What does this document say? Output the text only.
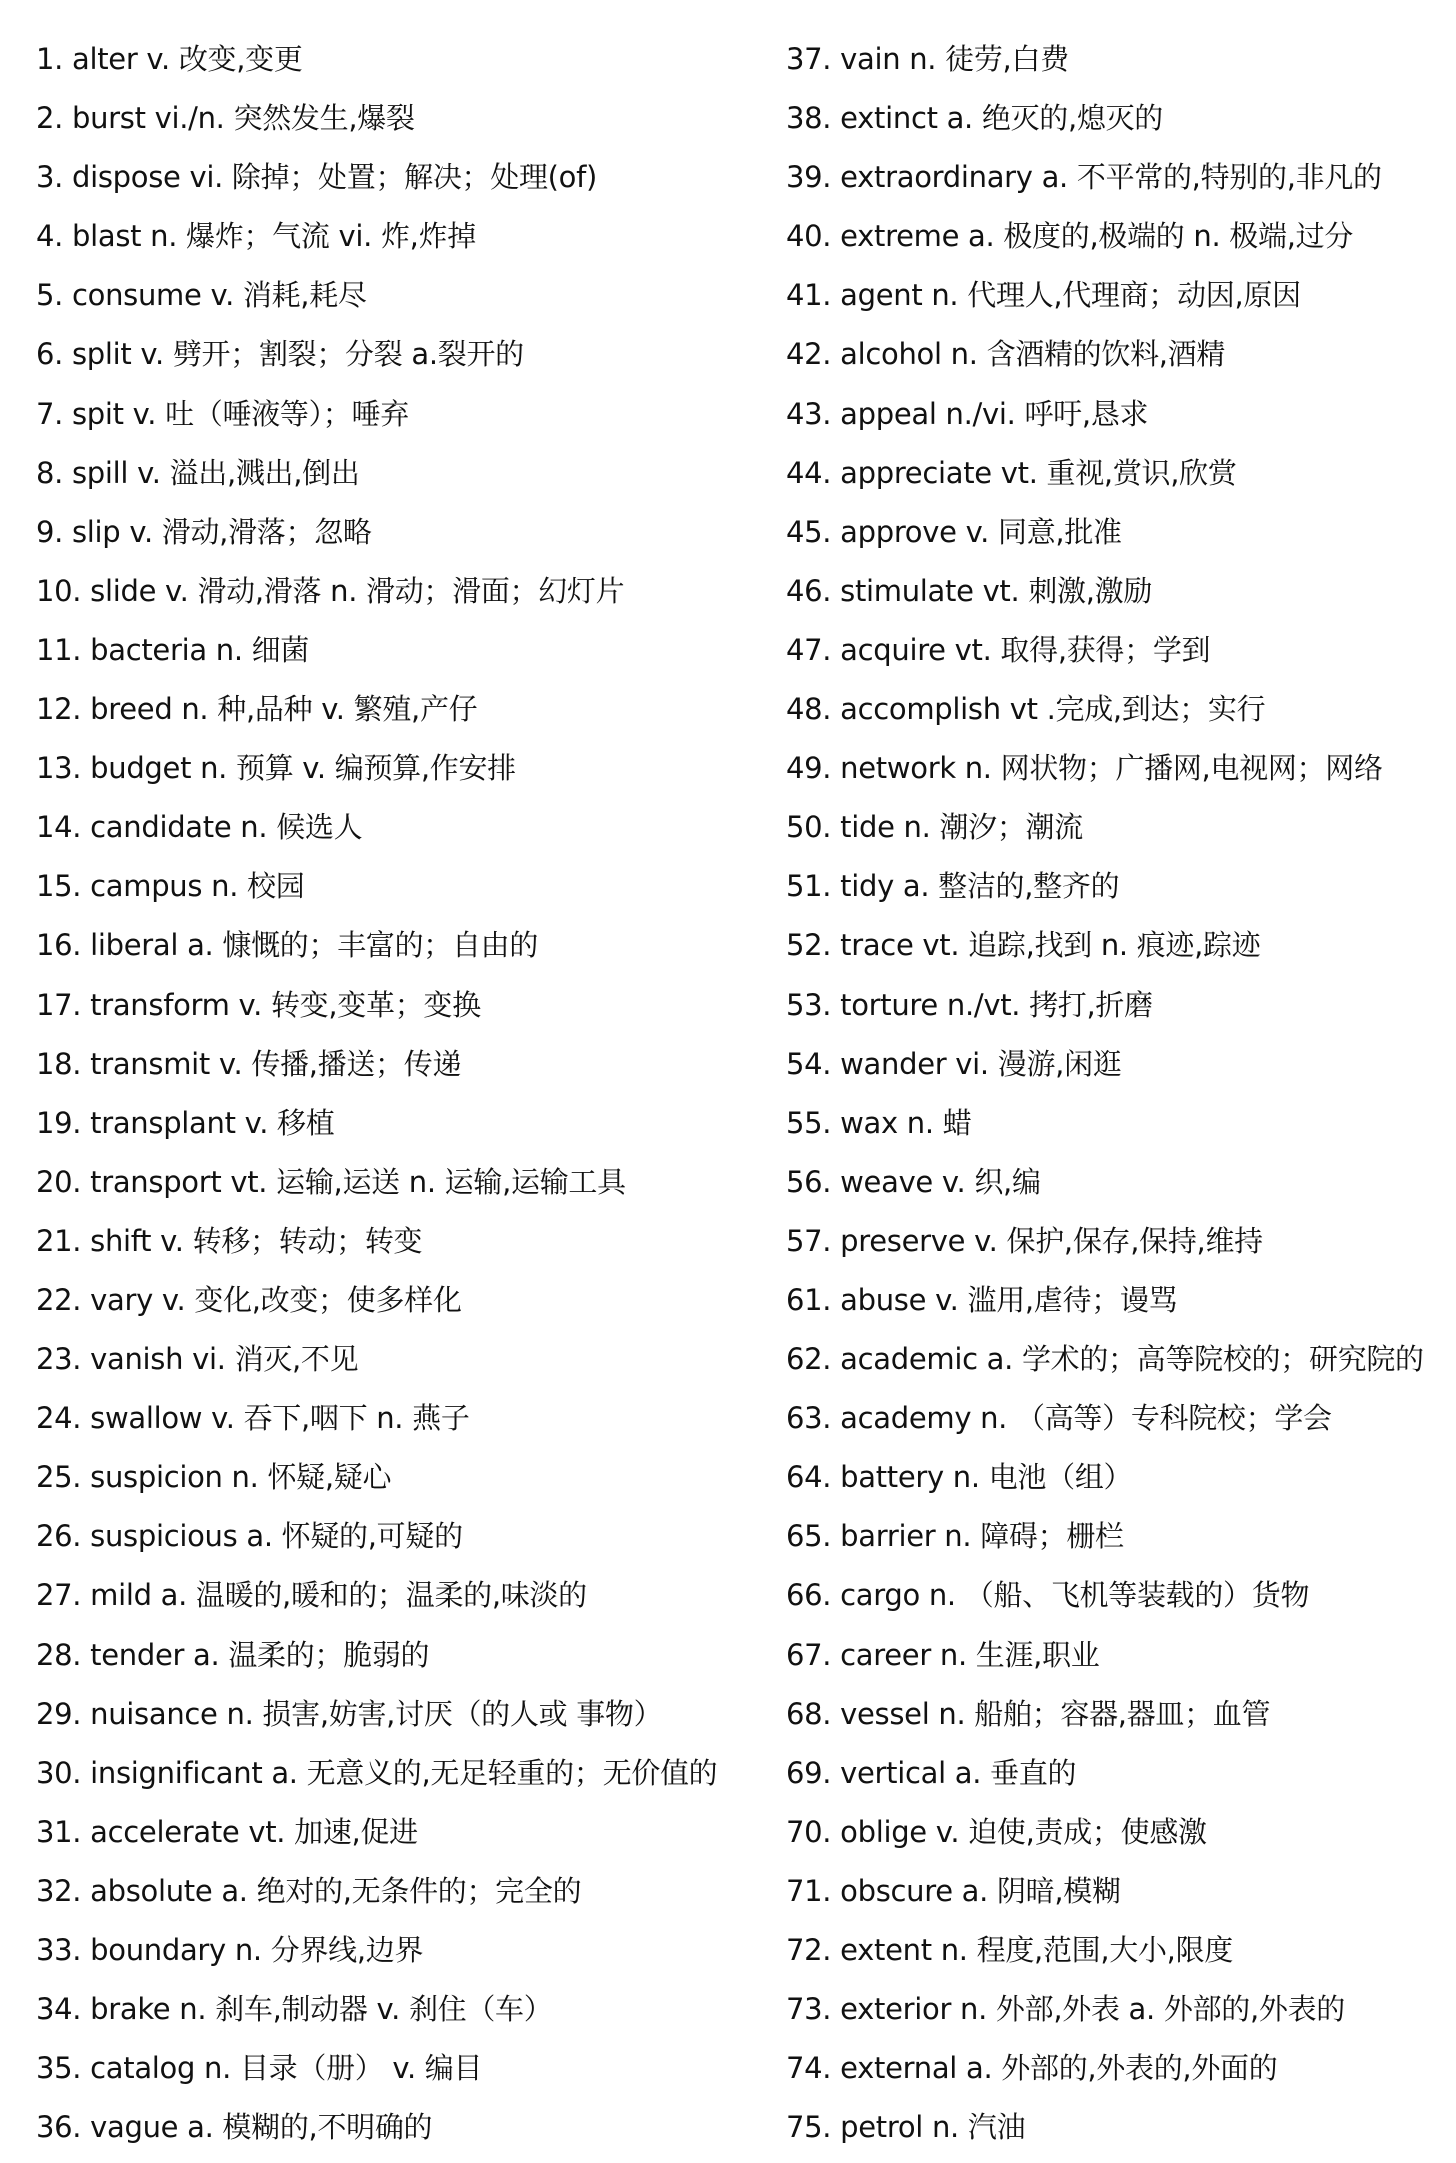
1. alter v. 改变,变更
2. burst vi./n. 突然发生,爆裂
3. dispose vi. 除掉；处置；解决；处理(of)
4. blast n. 爆炸；气流 vi. 炸,炸掉
5. consume v. 消耗,耗尽
6. split v. 劈开；割裂；分裂 a.裂开的
7. spit v. 吐（唾液等）；唾弃
8. spill v. 溢出,溅出,倒出
9. slip v. 滑动,滑落；忽略
10. slide v. 滑动,滑落 n. 滑动；滑面；幻灯片
11. bacteria n. 细菌
12. breed n. 种,品种 v. 繁殖,产仔
13. budget n. 预算 v. 编预算,作安排
14. candidate n. 候选人
15. campus n. 校园
16. liberal a. 慷慨的；丰富的；自由的
17. transform v. 转变,变革；变换
18. transmit v. 传播,播送；传递
19. transplant v. 移植
20. transport vt. 运输,运送 n. 运输,运输工具
21. shift v. 转移；转动；转变
22. vary v. 变化,改变；使多样化
23. vanish vi. 消灭,不见
24. swallow v. 吞下,咽下 n. 燕子
25. suspicion n. 怀疑,疑心
26. suspicious a. 怀疑的,可疑的
27. mild a. 温暖的,暖和的；温柔的,味淡的
28. tender a. 温柔的；脆弱的
29. nuisance n. 损害,妨害,讨厌（的人或 事物）
30. insignificant a. 无意义的,无足轻重的；无价值的
31. accelerate vt. 加速,促进
32. absolute a. 绝对的,无条件的；完全的
33. boundary n. 分界线,边界
34. brake n. 刹车,制动器 v. 刹住（车）
35. catalog n. 目录（册） v. 编目
36. vague a. 模糊的,不明确的
37. vain n. 徒劳,白费
38. extinct a. 绝灭的,熄灭的
39. extraordinary a. 不平常的,特别的,非凡的
40. extreme a. 极度的,极端的 n. 极端,过分
41. agent n. 代理人,代理商；动因,原因
42. alcohol n. 含酒精的饮料,酒精
43. appeal n./vi. 呼吁,恳求
44. appreciate vt. 重视,赏识,欣赏
45. approve v. 同意,批准
46. stimulate vt. 刺激,激励
47. acquire vt. 取得,获得；学到
48. accomplish vt .完成,到达；实行
49. network n. 网状物；广播网,电视网；网络
50. tide n. 潮汐；潮流
51. tidy a. 整洁的,整齐的
52. trace vt. 追踪,找到 n. 痕迹,踪迹
53. torture n./vt. 拷打,折磨
54. wander vi. 漫游,闲逛
55. wax n. 蜡
56. weave v. 织,编
57. preserve v. 保护,保存,保持,维持
61. abuse v. 滥用,虐待；谩骂
62. academic a. 学术的；高等院校的；研究院的
63. academy n. （高等）专科院校；学会
64. battery n. 电池（组）
65. barrier n. 障碍；栅栏
66. cargo n. （船、飞机等装载的）货物
67. career n. 生涯,职业
68. vessel n. 船舶；容器,器皿；血管
69. vertical a. 垂直的
70. oblige v. 迫使,责成；使感激
71. obscure a. 阴暗,模糊
72. extent n. 程度,范围,大小,限度
73. exterior n. 外部,外表 a. 外部的,外表的
74. external a. 外部的,外表的,外面的
75. petrol n. 汽油
